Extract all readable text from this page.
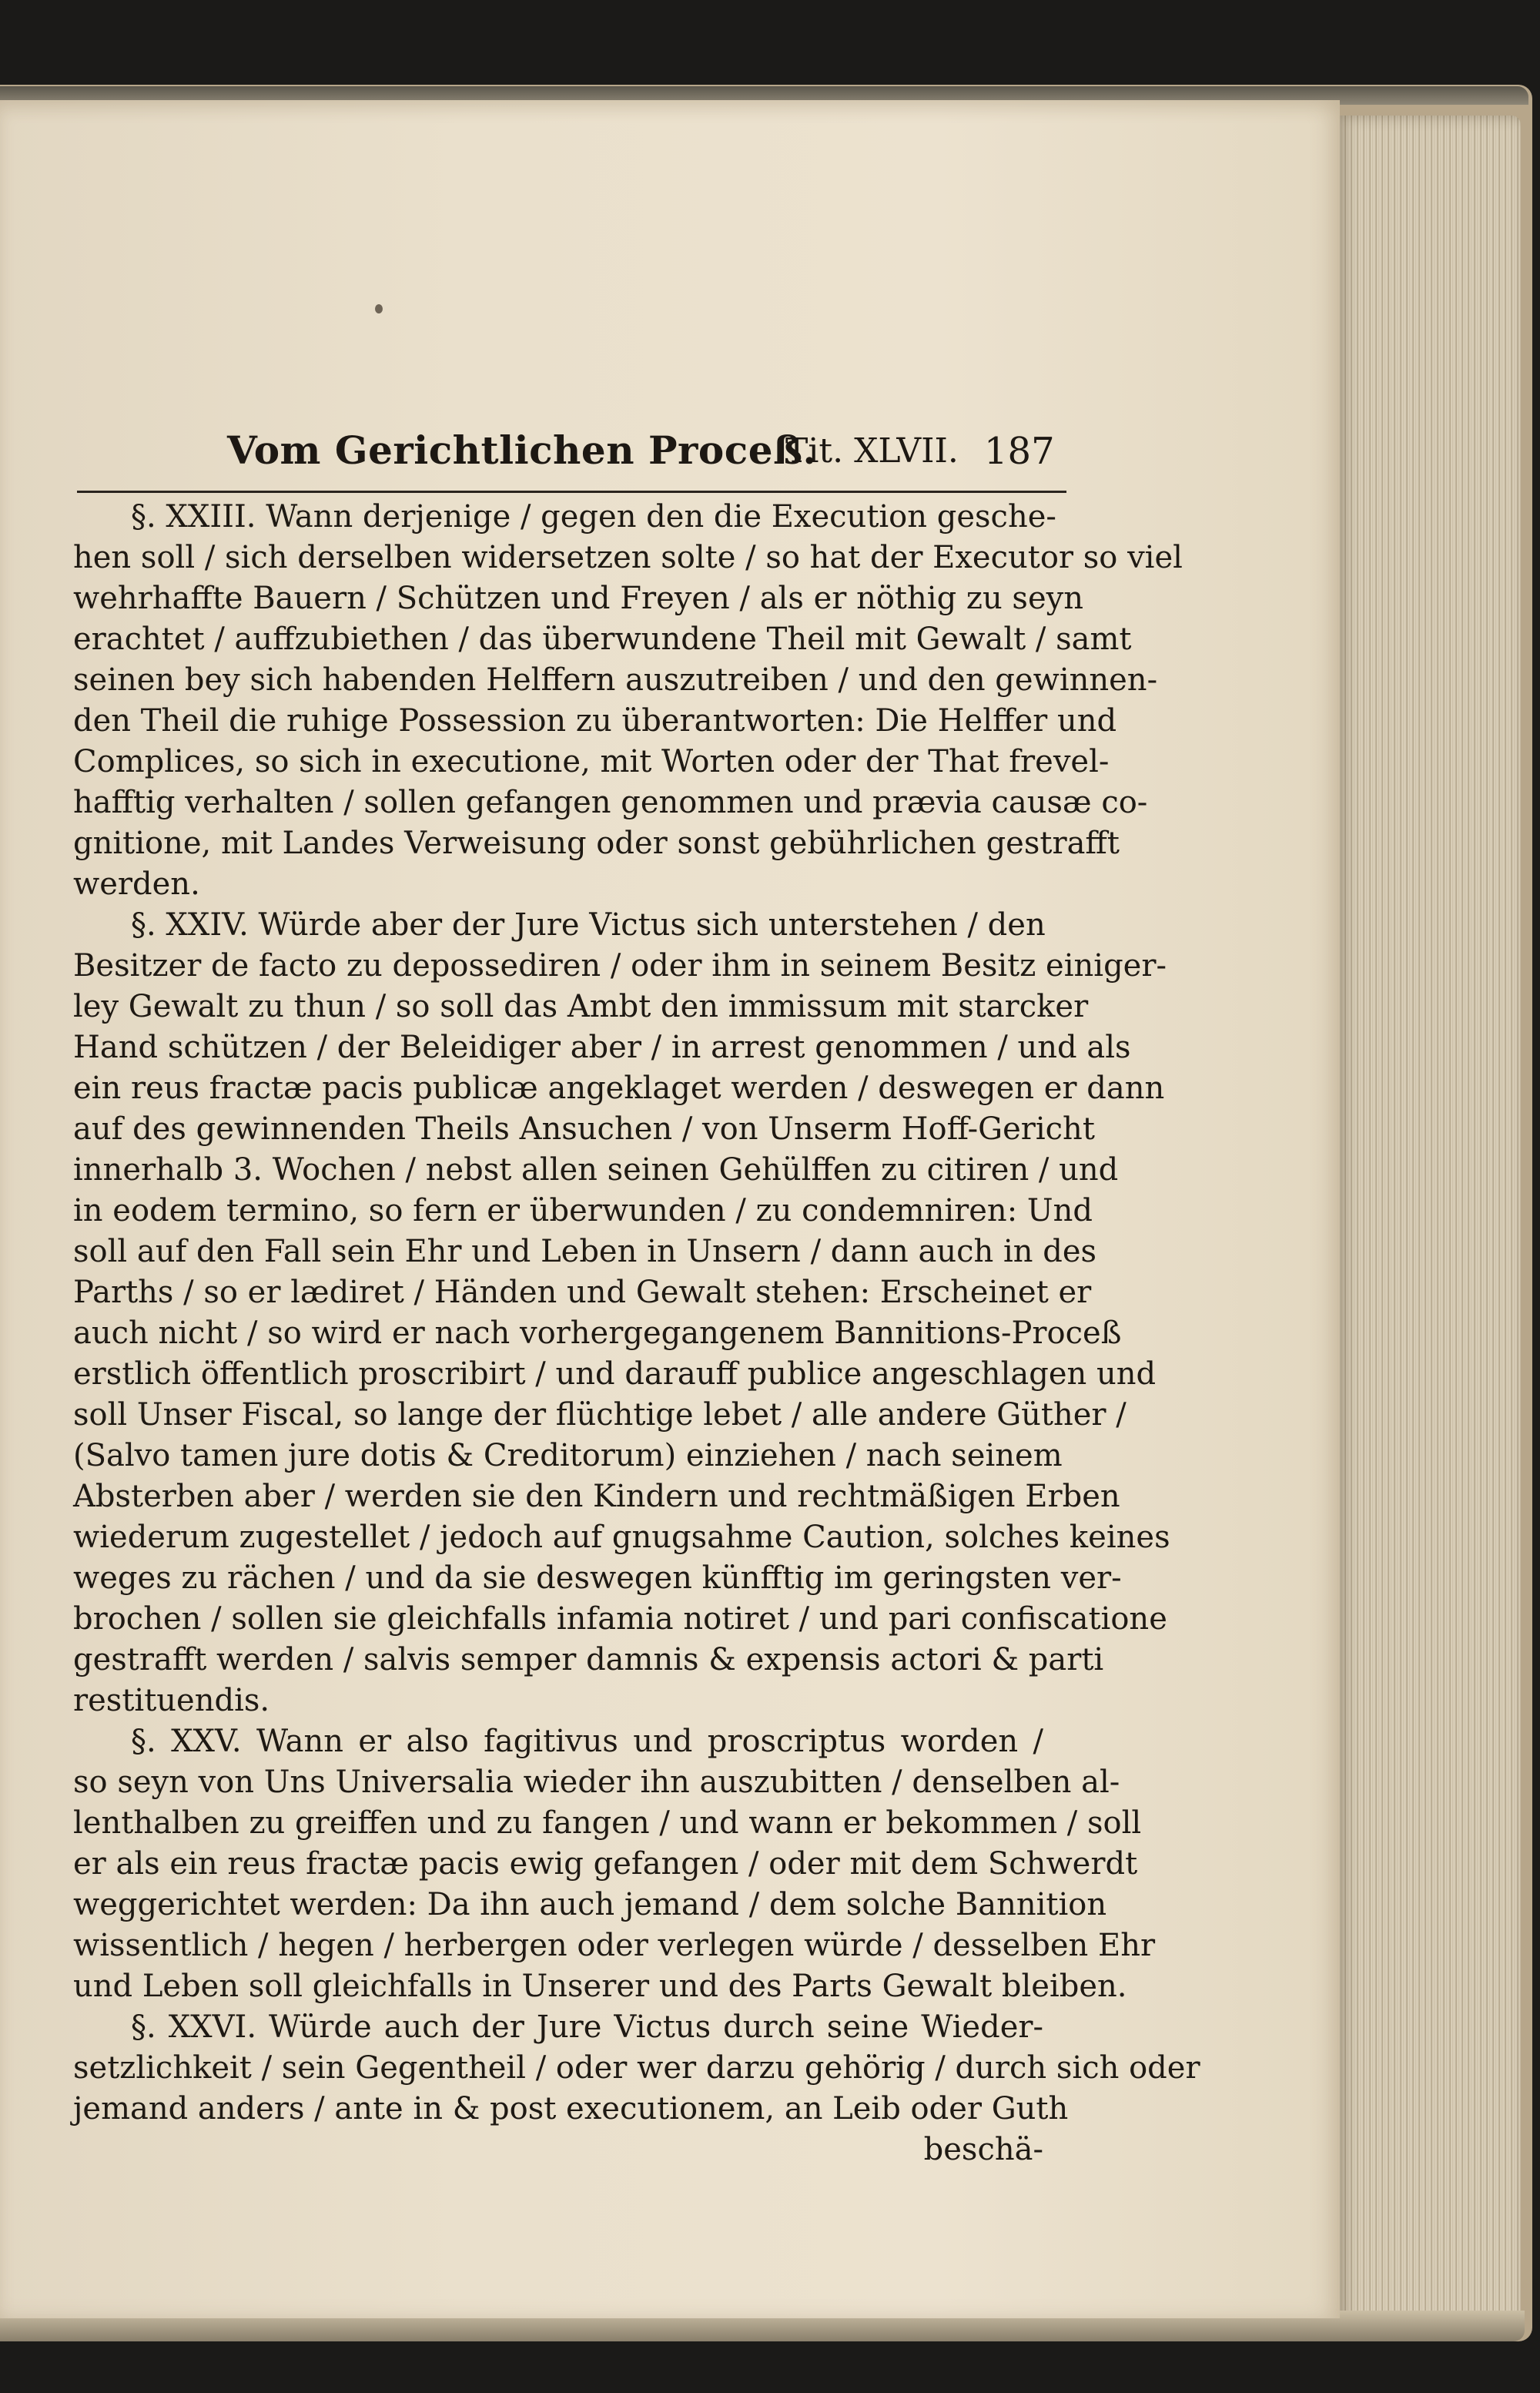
Vom Gerichtlichen Proceß.
Tit. XLVII. 187
§. XXIII. Wann derjenige / gegen den die Execution gesche-
hen soll / sich derselben widersetzen solte / so hat der Executor so viel
wehrhaffte Bauern / Schützen und Freyen / als er nöthig zu seyn
erachtet / auffzubiethen / das überwundene Theil mit Gewalt / samt
seinen bey sich habenden Helffern auszutreiben / und den gewinnen-
den Theil die ruhige Possession zu überantworten: Die Helffer und
Complices, so sich in executione, mit Worten oder der That frevel-
hafftig verhalten / sollen gefangen genommen und prævia causæ co-
gnitione, mit Landes Verweisung oder sonst gebührlichen gestrafft
werden.
§. XXIV. Würde aber der Jure Victus sich unterstehen / den
Besitzer de facto zu depossediren / oder ihm in seinem Besitz einiger-
ley Gewalt zu thun / so soll das Ambt den immissum mit starcker
Hand schützen / der Beleidiger aber / in arrest genommen / und als
ein reus fractæ pacis publicæ angeklaget werden / deswegen er dann
auf des gewinnenden Theils Ansuchen / von Unserm Hoff-Gericht
innerhalb 3. Wochen / nebst allen seinen Gehülffen zu citiren / und
in eodem termino, so fern er überwunden / zu condemniren: Und
soll auf den Fall sein Ehr und Leben in Unsern / dann auch in des
Parths / so er lædiret / Händen und Gewalt stehen: Erscheinet er
auch nicht / so wird er nach vorhergegangenem Bannitions-Proceß
erstlich öffentlich proscribirt / und darauff publice angeschlagen und
soll Unser Fiscal, so lange der flüchtige lebet / alle andere Güther /
(Salvo tamen jure dotis & Creditorum) einziehen / nach seinem
Absterben aber / werden sie den Kindern und rechtmäßigen Erben
wiederum zugestellet / jedoch auf gnugsahme Caution, solches keines
weges zu rächen / und da sie deswegen künfftig im geringsten ver-
brochen / sollen sie gleichfalls infamia notiret / und pari confiscatione
gestrafft werden / salvis semper damnis & expensis actori & parti
restituendis.
§. XXV. Wann er also fagitivus und proscriptus worden /
so seyn von Uns Universalia wieder ihn auszubitten / denselben al-
lenthalben zu greiffen und zu fangen / und wann er bekommen / soll
er als ein reus fractæ pacis ewig gefangen / oder mit dem Schwerdt
weggerichtet werden: Da ihn auch jemand / dem solche Bannition
wissentlich / hegen / herbergen oder verlegen würde / desselben Ehr
und Leben soll gleichfalls in Unserer und des Parts Gewalt bleiben.
§. XXVI. Würde auch der Jure Victus durch seine Wieder-
setzlichkeit / sein Gegentheil / oder wer darzu gehörig / durch sich oder
jemand anders / ante in & post executionem, an Leib oder Guth
beschä-
